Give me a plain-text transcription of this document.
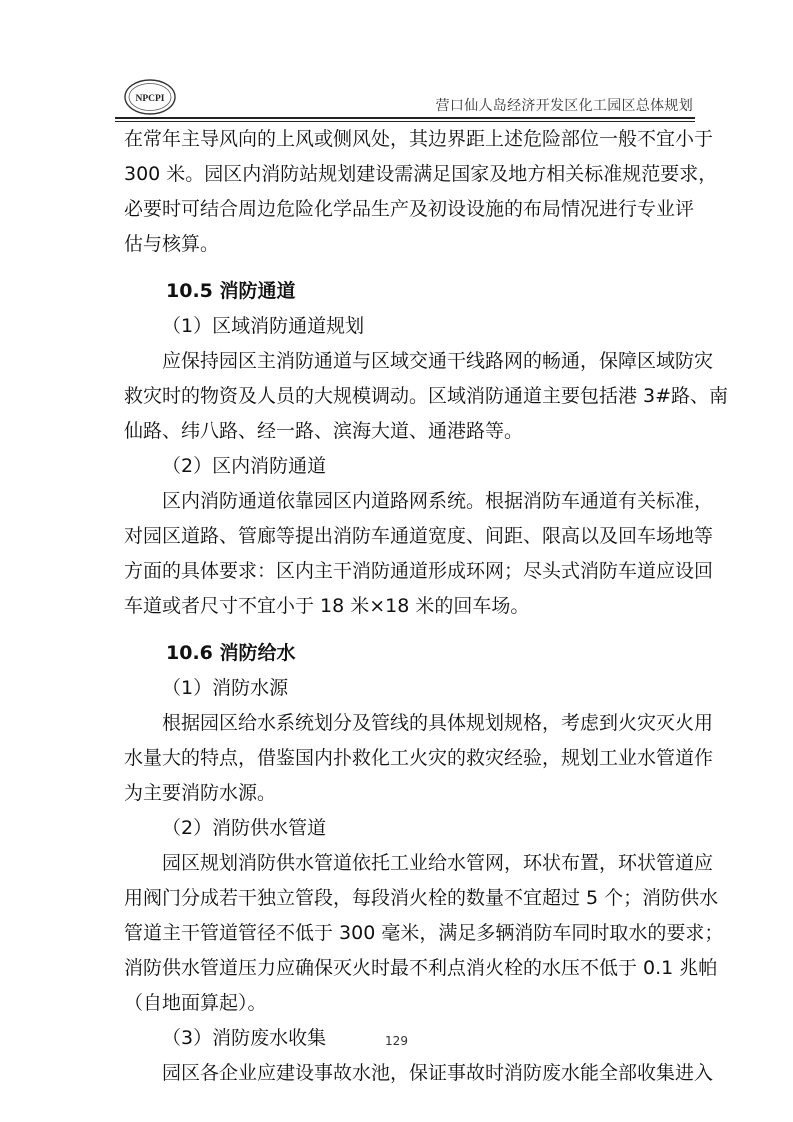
NPCPI	营口仙人岛经济开发区化工园区总体规划

在常年主导风向的上风或侧风处，其边界距上述危险部位一般不宜小于

300 米。园区内消防站规划建设需满足国家及地方相关标准规范要求，

必要时可结合周边危险化学品生产及初设设施的布局情况进行专业评

估与核算。

10.5 消防通道

（1）区域消防通道规划

应保持园区主消防通道与区域交通干线路网的畅通，保障区域防灾

救灾时的物资及人员的大规模调动。区域消防通道主要包括港 3#路、南

仙路、纬八路、经一路、滨海大道、通港路等。

（2）区内消防通道

区内消防通道依靠园区内道路网系统。根据消防车通道有关标准，

对园区道路、管廊等提出消防车通道宽度、间距、限高以及回车场地等

方面的具体要求：区内主干消防通道形成环网；尽头式消防车道应设回

车道或者尺寸不宜小于 18 米×18 米的回车场。

10.6 消防给水

（1）消防水源

根据园区给水系统划分及管线的具体规划规格，考虑到火灾灭火用

水量大的特点，借鉴国内扑救化工火灾的救灾经验，规划工业水管道作

为主要消防水源。

（2）消防供水管道

园区规划消防供水管道依托工业给水管网，环状布置，环状管道应

用阀门分成若干独立管段，每段消火栓的数量不宜超过 5 个；消防供水

管道主干管道管径不低于 300 毫米，满足多辆消防车同时取水的要求；

消防供水管道压力应确保灭火时最不利点消火栓的水压不低于 0.1 兆帕

（自地面算起）。

（3）消防废水收集

园区各企业应建设事故水池，保证事故时消防废水能全部收集进入

129
